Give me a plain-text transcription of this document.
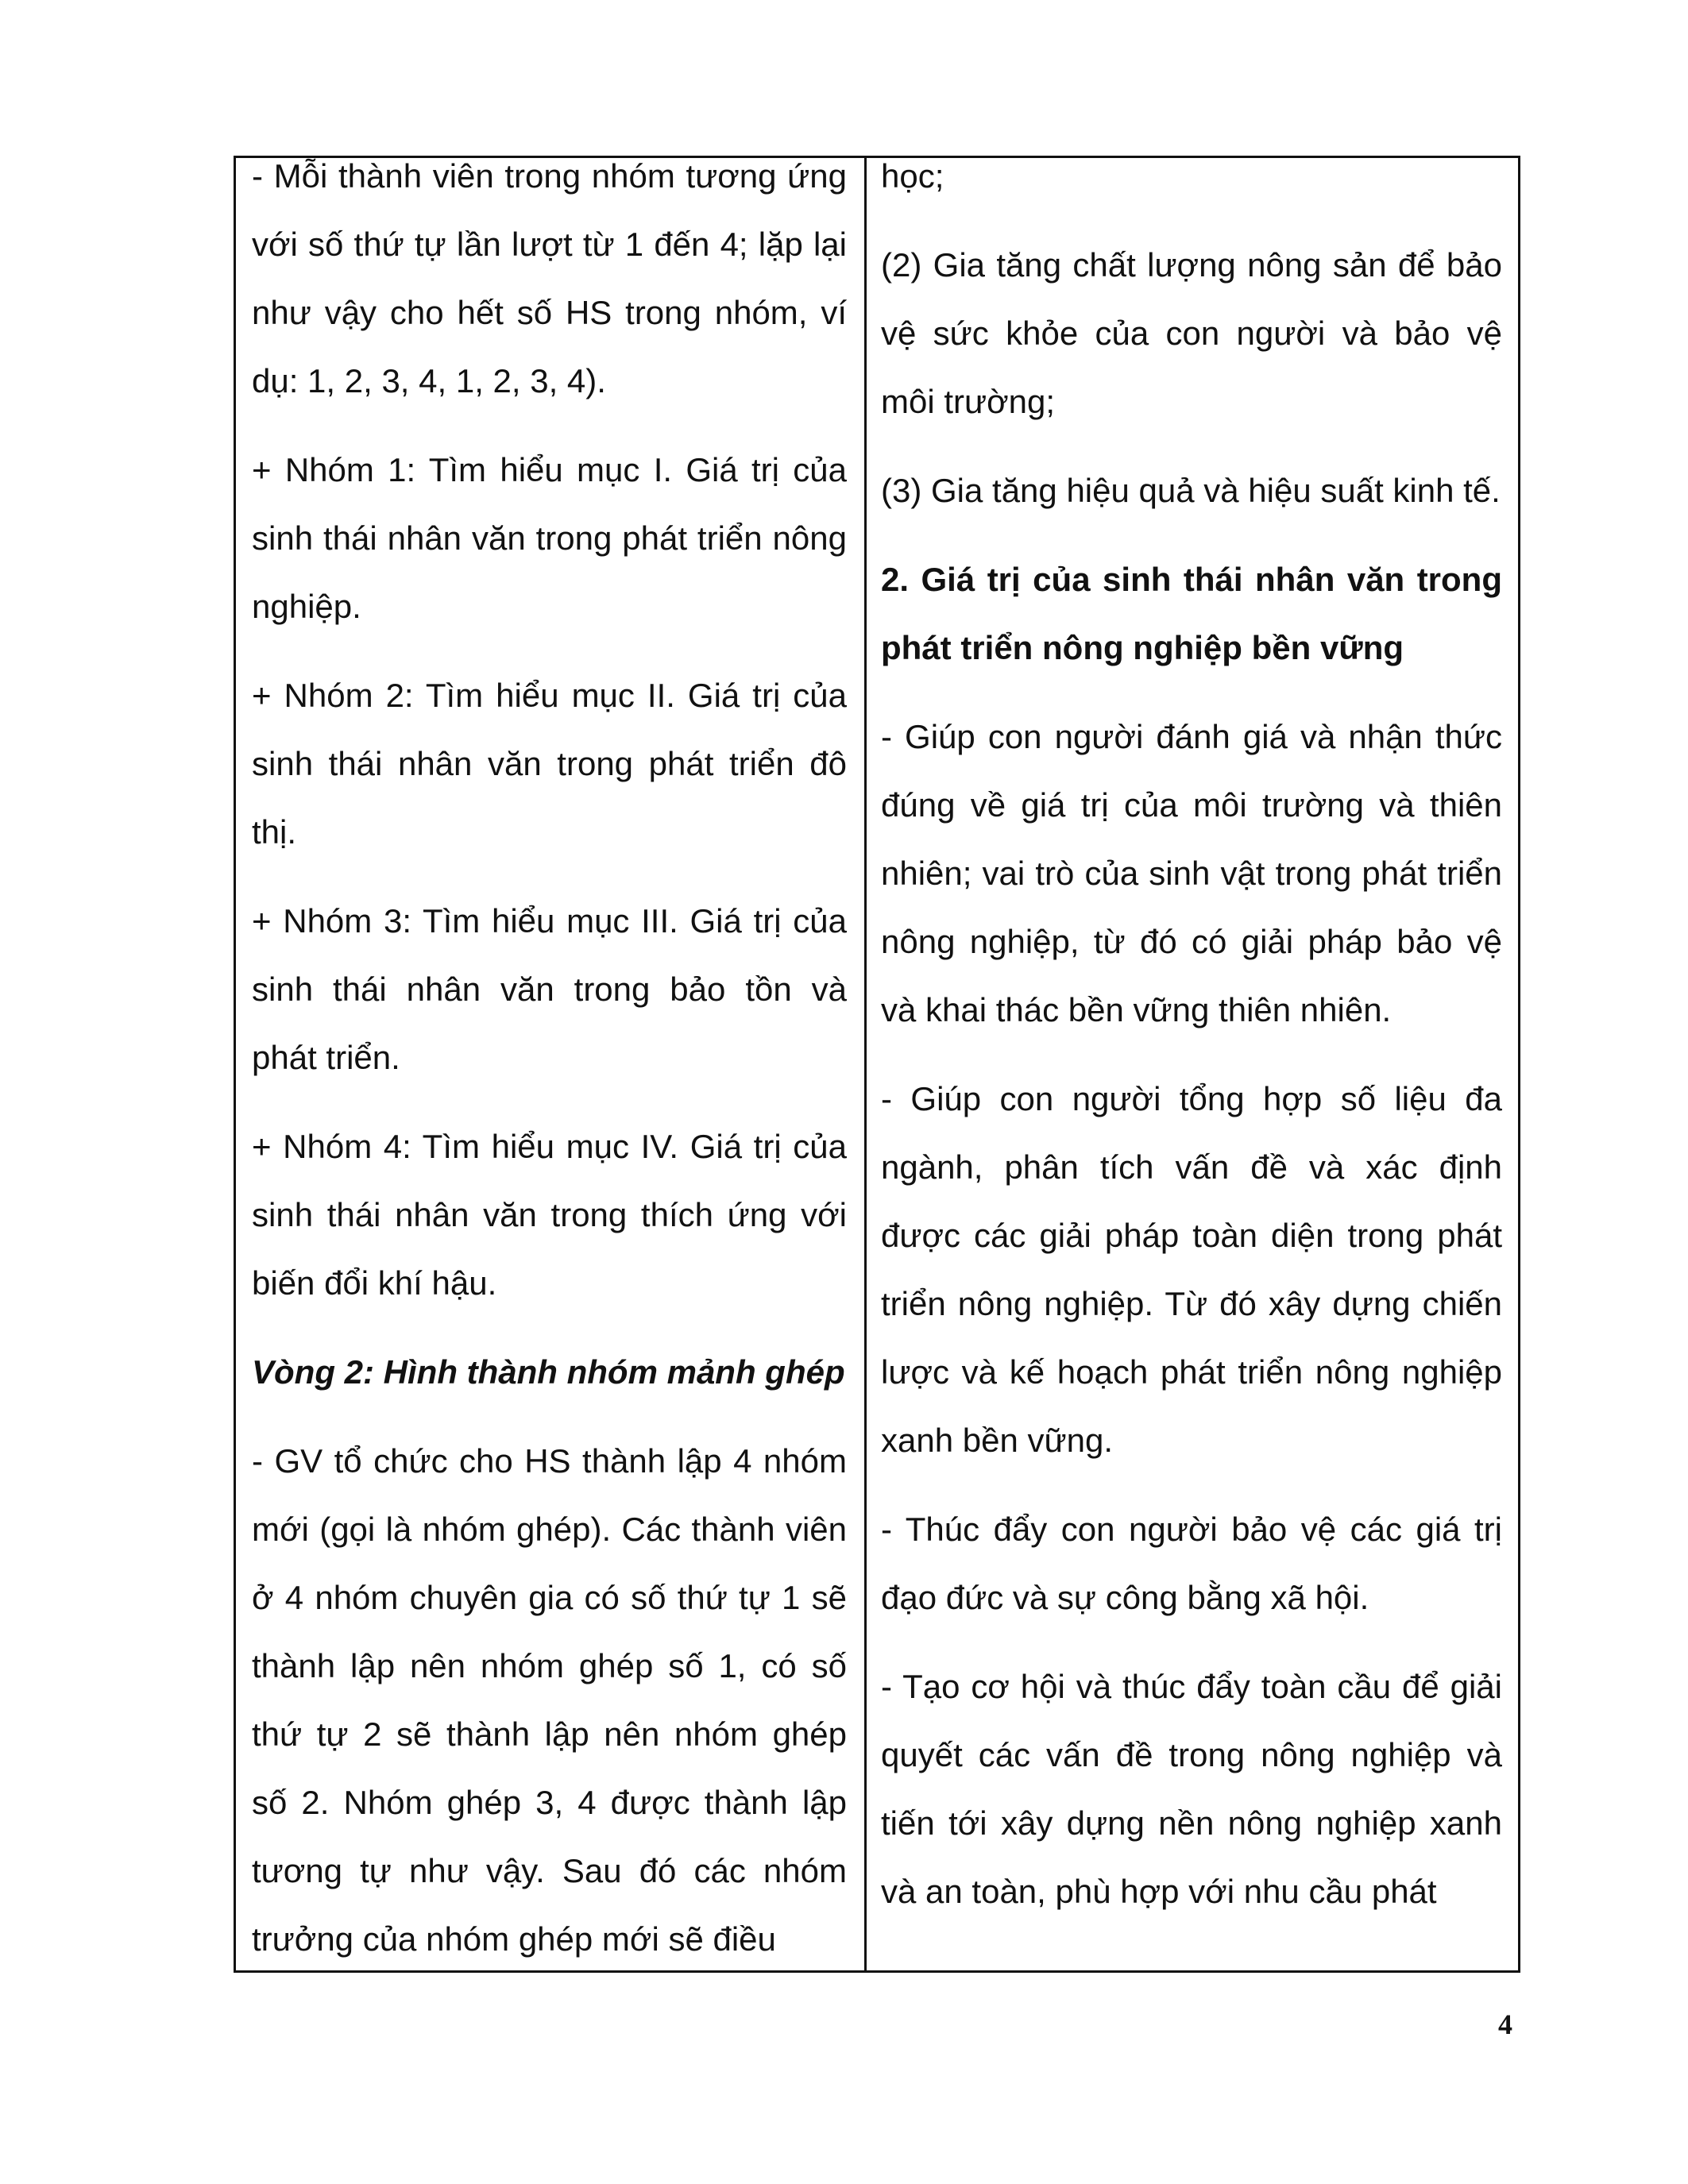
- Mỗi thành viên trong nhóm tương ứng với số thứ tự lần lượt từ 1 đến 4; lặp lại như vậy cho hết số HS trong nhóm, ví dụ: 1, 2, 3, 4, 1, 2, 3, 4).

+ Nhóm 1: Tìm hiểu mục I. Giá trị của sinh thái nhân văn trong phát triển nông nghiệp.

+ Nhóm 2: Tìm hiểu mục II. Giá trị của sinh thái nhân văn trong phát triển đô thị.

+ Nhóm 3: Tìm hiểu mục III. Giá trị của sinh thái nhân văn trong bảo tồn và phát triển.

+ Nhóm 4: Tìm hiểu mục IV. Giá trị của sinh thái nhân văn trong thích ứng với biến đổi khí hậu.

Vòng 2: Hình thành nhóm mảnh ghép

- GV tổ chức cho HS thành lập 4 nhóm mới (gọi là nhóm ghép). Các thành viên ở 4 nhóm chuyên gia có số thứ tự 1 sẽ thành lập nên nhóm ghép số 1, có số thứ tự 2 sẽ thành lập nên nhóm ghép số 2. Nhóm ghép 3, 4 được thành lập tương tự như vậy. Sau đó các nhóm trưởng của nhóm ghép mới sẽ điều

học;

(2) Gia tăng chất lượng nông sản để bảo vệ sức khỏe của con người và bảo vệ môi trường;

(3) Gia tăng hiệu quả và hiệu suất kinh tế.

2. Giá trị của sinh thái nhân văn trong phát triển nông nghiệp bền vững

- Giúp con người đánh giá và nhận thức đúng về giá trị của môi trường và thiên nhiên; vai trò của sinh vật trong phát triển nông nghiệp, từ đó có giải pháp bảo vệ và khai thác bền vững thiên nhiên.

- Giúp con người tổng hợp số liệu đa ngành, phân tích vấn đề và xác định được các giải pháp toàn diện trong phát triển nông nghiệp. Từ đó xây dựng chiến lược và kế hoạch phát triển nông nghiệp xanh bền vững.

- Thúc đẩy con người bảo vệ các giá trị đạo đức và sự công bằng xã hội.

- Tạo cơ hội và thúc đẩy toàn cầu để giải quyết các vấn đề trong nông nghiệp và tiến tới xây dựng nền nông nghiệp xanh và an toàn, phù hợp với nhu cầu phát

4
